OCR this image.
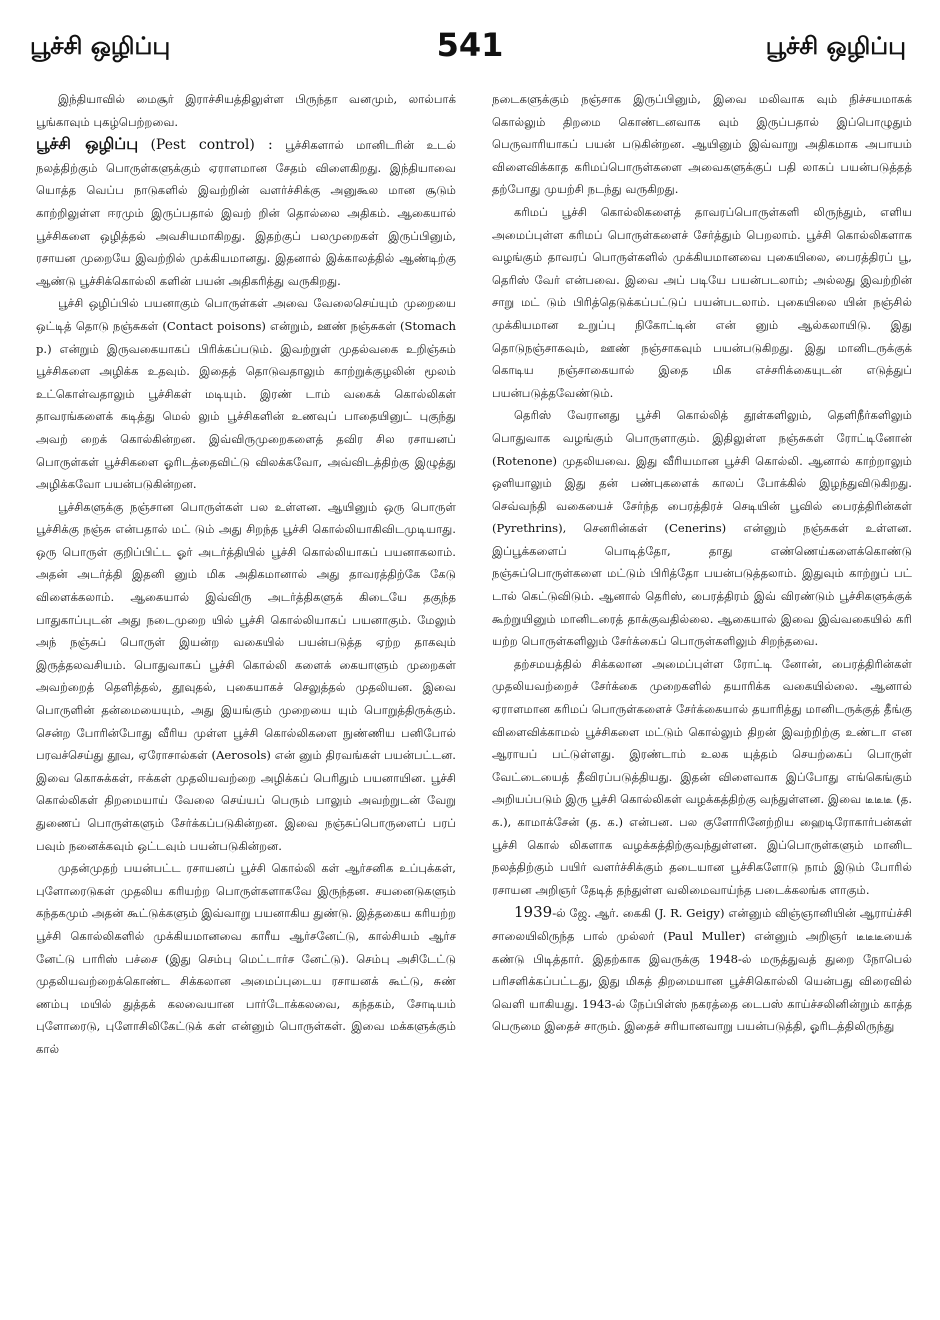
பூச்சி ஒழிப்பு	541	பூச்சி ஒழிப்பு

இந்தியாவில் மைசூர் இராச்சியத்திலுள்ள பிருந்தா வனமும், லால்பாக் பூங்காவும் புகழ்பெற்றவை.

பூச்சி ஒழிப்பு (Pest control) : பூச்சிகளால் மானிடரின் உடல் நலத்திற்கும் பொருள்களுக்கும் ஏராளமான சேதம் விளைகிறது. இந்தியாவை யொத்த வெப்ப நாடுகளில் இவற்றின் வளர்ச்சிக்கு அனுகூல மான சூடும் காற்றிலுள்ள ஈரமும் இருப்பதால் இவற் றின் தொல்லை அதிகம். ஆகையால் பூச்சிகளை ஒழித்தல் அவசியமாகிறது. இதற்குப் பலமுறைகள் இருப்பினும், ரசாயன முறையே இவற்றில் முக்கியமானது. இதனால் இக்காலத்தில் ஆண்டிற்கு ஆண்டு பூச்சிக்கொல்லி களின் பயன் அதிகரித்து வருகிறது.

பூச்சி ஒழிப்பில் பயனாகும் பொருள்கள் அவை வேலைசெய்யும் முறையை ஒட்டித் தொடு நஞ்சுகள் (Contact poisons) என்றும், ஊண் நஞ்சுகள் (Stomach p.) என்றும் இருவகையாகப் பிரிக்கப்படும். இவற்றுள் முதல்வகை உறிஞ்சும் பூச்சிகளை அழிக்க உதவும். இதைத் தொடுவதாலும் காற்றுக்குழலின் மூலம் உட்கொள்வதாலும் பூச்சிகள் மடியும். இரண் டாம் வகைக் கொல்லிகள் தாவரங்களைக் கடித்து மெல் லும் பூச்சிகளின் உணவுப் பாதையினுட் புகுந்து அவற் றைக் கொல்கின்றன. இவ்விருமுறைகளைத் தவிர சில ரசாயனப் பொருள்கள் பூச்சிகளை ஓரிடத்தைவிட்டு விலக்கவோ, அவ்விடத்திற்கு இழுத்து அழிக்கவோ பயன்படுகின்றன.

பூச்சிகளுக்கு நஞ்சான பொருள்கள் பல உள்ளன. ஆயினும் ஒரு பொருள் பூச்சிக்கு நஞ்சு என்பதால் மட் டும் அது சிறந்த பூச்சி கொல்லியாகிவிடமுடியாது. ஒரு பொருள் குறிப்பிட்ட ஓர் அடர்த்தியில் பூச்சி கொல்லியாகப் பயனாகலாம். அதன் அடர்த்தி இதனி னும் மிக அதிகமானால் அது தாவரத்திற்கே கேடு விளைக்கலாம். ஆகையால் இவ்விரு அடர்த்திகளுக் கிடையே தகுந்த பாதுகாப்புடன் அது நடைமுறை யில் பூச்சி கொல்லியாகப் பயனாகும். மேலும் அந் நஞ்சுப் பொருள் இயன்ற வகையில் பயன்படுத்த ஏற்ற தாகவும் இருத்தலவசியம். பொதுவாகப் பூச்சி கொல்லி களைக் கையாளும் முறைகள் அவற்றைத் தெளித்தல், தூவுதல், புகையாகச் செலுத்தல் முதலியன. இவை பொருளின் தன்மையையும், அது இயங்கும் முறையை யும் பொறுத்திருக்கும். சென்ற போரின்போது வீரிய முள்ள பூச்சி கொல்லிகளை நுண்ணிய பனிபோல் பரவச்செய்து தூவ, ஏரோசால்கள் (Aerosols) என் னும் திரவங்கள் பயன்பட்டன. இவை கொசுக்கள், ஈக்கள் முதலியவற்றை அழிக்கப் பெரிதும் பயனாயின. பூச்சி கொல்லிகள் திறமையாய் வேலை செய்யப் பெரும் பாலும் அவற்றுடன் வேறு துணைப் பொருள்களும் சேர்க்கப்படுகின்றன. இவை நஞ்சுப்பொருளைப் பரப் பவும் நனைக்கவும் ஒட்டவும் பயன்படுகின்றன.

முதன்முதற் பயன்பட்ட ரசாயனப் பூச்சி கொல்லி கள் ஆர்சனிக உப்புக்கள், புளோரைடுகள் முதலிய கரியற்ற பொருள்களாகவே இருந்தன. சயனைடுகளும் கந்தகமும் அதன் கூட்டுக்களும் இவ்வாறு பயனாகிய துண்டு. இத்தகைய கரியற்ற பூச்சி கொல்லிகளில் முக்கியமானவை காரீய ஆர்சனேட்டு, கால்சியம் ஆர்ச னேட்டு பாரிஸ் பச்சை (இது செம்பு மெட்டார்ச னேட்டு). செம்பு அசிடேட்டு முதலியவற்றைக்கொண்ட சிக்கலான அமைப்புடைய ரசாயனக் கூட்டு, சுண் ணம்பு மயில் துத்தக் கலவையான பார்டோக்கலவை, கந்தகம், சோடியம் புளோரைடு, புளோசிலிகேட்டுக் கள் என்னும் பொருள்கள். இவை மக்களுக்கும் கால்

நடைகளுக்கும் நஞ்சாக இருப்பினும், இவை மலிவாக வும் நிச்சயமாகக் கொல்லும் திறமை கொண்டனவாக வும் இருப்பதால் இப்பொழுதும் பெருவாரியாகப் பயன் படுகின்றன. ஆயினும் இவ்வாறு அதிகமாக அபாயம் விளைவிக்காத கரிமப்பொருள்களை அவைகளுக்குப் பதி லாகப் பயன்படுத்தத் தற்போது முயற்சி நடந்து வருகிறது.

கரிமப் பூச்சி கொல்லிகளைத் தாவரப்பொருள்களி லிருந்தும், எளிய அமைப்புள்ள கரிமப் பொருள்களைச் சேர்த்தும் பெறலாம். பூச்சி கொல்லிகளாக வழங்கும் தாவரப் பொருள்களில் முக்கியமானவை புகையிலை, பைரத்திரப் பூ, தெரிஸ் வேர் என்பவை. இவை அப் படியே பயன்படலாம்; அல்லது இவற்றின் சாறு மட் டும் பிரித்தெடுக்கப்பட்டுப் பயன்படலாம். புகையிலை யின் நஞ்சில் முக்கியமான உறுப்பு நிகோட்டின் என் னும் ஆல்கலாயிடு. இது தொடுநஞ்சாகவும், ஊண் நஞ்சாகவும் பயன்படுகிறது. இது மானிடருக்குக் கொடிய நஞ்சாகையால் இதை மிக எச்சரிக்கையுடன் எடுத்துப் பயன்படுத்தவேண்டும்.

தெரிஸ் வேரானது பூச்சி கொல்லித் தூள்களிலும், தெளிநீர்களிலும் பொதுவாக வழங்கும் பொருளாகும். இதிலுள்ள நஞ்சுகள் ரோட்டினோன் (Rotenone) முதலியவை. இது வீரியமான பூச்சி கொல்லி. ஆனால் காற்றாலும் ஒளியாலும் இது தன் பண்புகளைக் காலப் போக்கில் இழந்துவிடுகிறது. செவ்வந்தி வகையைச் சேர்ந்த பைரத்திரச் செடியின் பூவில் பைரத்திரின்கள் (Pyrethrins), செனரின்கள் (Cenerins) என்னும் நஞ்சுகள் உள்ளன. இப்பூக்களைப் பொடித்தோ, தாது எண்ணெய்களைக்கொண்டு நஞ்சுப்பொருள்களை மட்டும் பிரித்தோ பயன்படுத்தலாம். இதுவும் காற்றுப் பட் டால் கெட்டுவிடும். ஆனால் தெரிஸ், பைரத்திரம் இவ் விரண்டும் பூச்சிகளுக்குக் கூற்றுயினும் மானிடரைத் தாக்குவதில்லை. ஆகையால் இவை இவ்வகையில் கரி யற்ற பொருள்களிலும் சேர்க்கைப் பொருள்களிலும் சிறந்தவை.

தற்சமயத்தில் சிக்கலான அமைப்புள்ள ரோட்டி னோன், பைரத்திரின்கள் முதலியவற்றைச் சேர்க்கை முறைகளில் தயாரிக்க வகையில்லை. ஆனால் ஏராளமான கரிமப் பொருள்களைச் சேர்க்கையால் தயாரித்து மானிடருக்குத் தீங்கு விளைவிக்காமல் பூச்சிகளை மட்டும் கொல்லும் திறன் இவற்றிற்கு உண்டா என ஆராயப் பட்டுள்ளது. இரண்டாம் உலக யுத்தம் செயற்கைப் பொருள் வேட்டையைத் தீவிரப்படுத்தியது. இதன் விளைவாக இப்போது எங்கெங்கும் அறியப்படும் இரு பூச்சி கொல்லிகள் வழக்கத்திற்கு வந்துள்ளன. இவை டீடீடீ (த. க.), காமாக்சேன் (த. க.) என்பன. பல குளோரினேற்றிய ஹைடிரோகார்பன்கள் பூச்சி கொல் லிகளாக வழக்கத்திற்குவந்துள்ளன. இப்பொருள்களும் மானிட நலத்திற்கும் பயிர் வளர்ச்சிக்கும் தடையான பூச்சிகளோடு நாம் இடும் போரில் ரசாயன அறிஞர் தேடித் தந்துள்ள வலிமைவாய்ந்த படைக்கலங்க ளாகும்.

1939-ல் ஜே. ஆர். கைகி (J. R. Geigy) என்னும் விஞ்ஞானியின் ஆராய்ச்சி சாலையிலிருந்த பால் முல்லர் (Paul Muller) என்னும் அறிஞர் டீடீடீயைக் கண்டு பிடித்தார். இதற்காக இவருக்கு 1948-ல் மருத்துவத் துறை நோபெல் பரிசளிக்கப்பட்டது, இது மிகத் திறமையான பூச்சிகொல்லி யென்பது விரைவில் வெளி யாகியது. 1943-ல் நேப்பிள்ஸ் நகரத்தை டைபஸ் காய்ச்சலினின்றும் காத்த பெருமை இதைச் சாரும். இதைச் சரியானவாறு பயன்படுத்தி, ஓரிடத்திலிருந்து
